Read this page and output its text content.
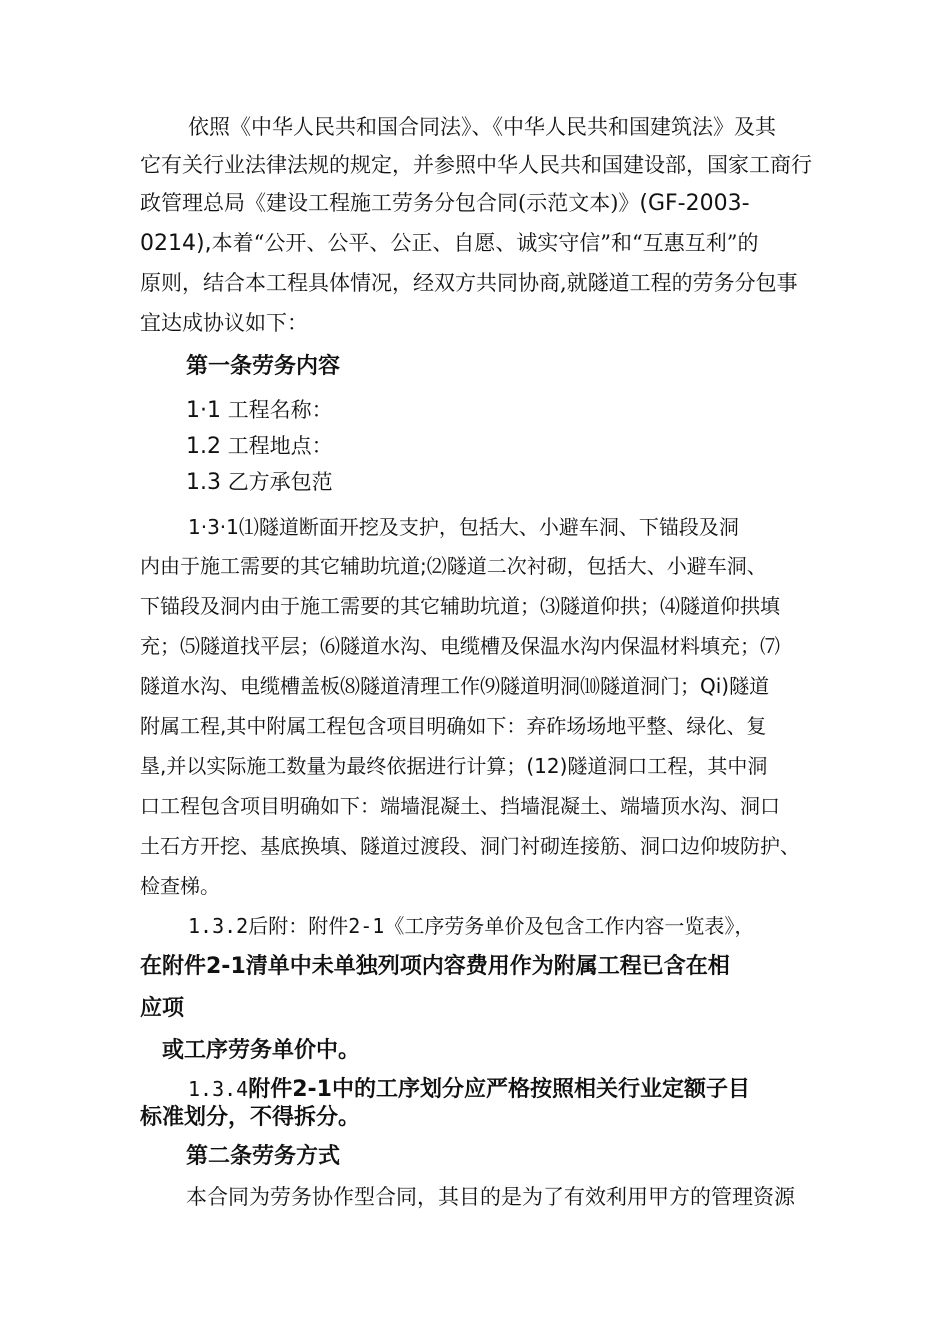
依照《中华人民共和国合同法》、《中华人民共和国建筑法》及其
它有关行业法律法规的规定，并参照中华人民共和国建设部，国家工商行
政管理总局《建设工程施工劳务分包合同(示范文本)》(GF-2003-
0214),本着“公开、公平、公正、自愿、诚实守信”和“互惠互利”的
原则，结合本工程具体情况，经双方共同协商,就隧道工程的劳务分包事
宜达成协议如下：
第一条劳务内容
1·1 工程名称：
1.2 工程地点：
1.3 乙方承包范
1·3·1⑴隧道断面开挖及支护，包括大、小避车洞、下锚段及洞
内由于施工需要的其它辅助坑道;⑵隧道二次衬砌，包括大、小避车洞、
下锚段及洞内由于施工需要的其它辅助坑道；⑶隧道仰拱；⑷隧道仰拱填
充；⑸隧道找平层；⑹隧道水沟、电缆槽及保温水沟内保温材料填充；⑺
隧道水沟、电缆槽盖板⑻隧道清理工作⑼隧道明洞⑽隧道洞门；Qi)隧道
附属工程,其中附属工程包含项目明确如下：弃砟场场地平整、绿化、复
垦,并以实际施工数量为最终依据进行计算；(12)隧道洞口工程，其中洞
口工程包含项目明确如下：端墙混凝土、挡墙混凝土、端墙顶水沟、洞口
土石方开挖、基底换填、隧道过渡段、洞门衬砌连接筋、洞口边仰坡防护、
检查梯。
1.3.2后附：附件2-1《工序劳务单价及包含工作内容一览表》，
在附件2-1清单中未单独列项内容费用作为附属工程已含在相
应项
或工序劳务单价中。
1.3.4附件2-1中的工序划分应严格按照相关行业定额子目
标准划分，不得拆分。
第二条劳务方式
本合同为劳务协作型合同，其目的是为了有效利用甲方的管理资源
